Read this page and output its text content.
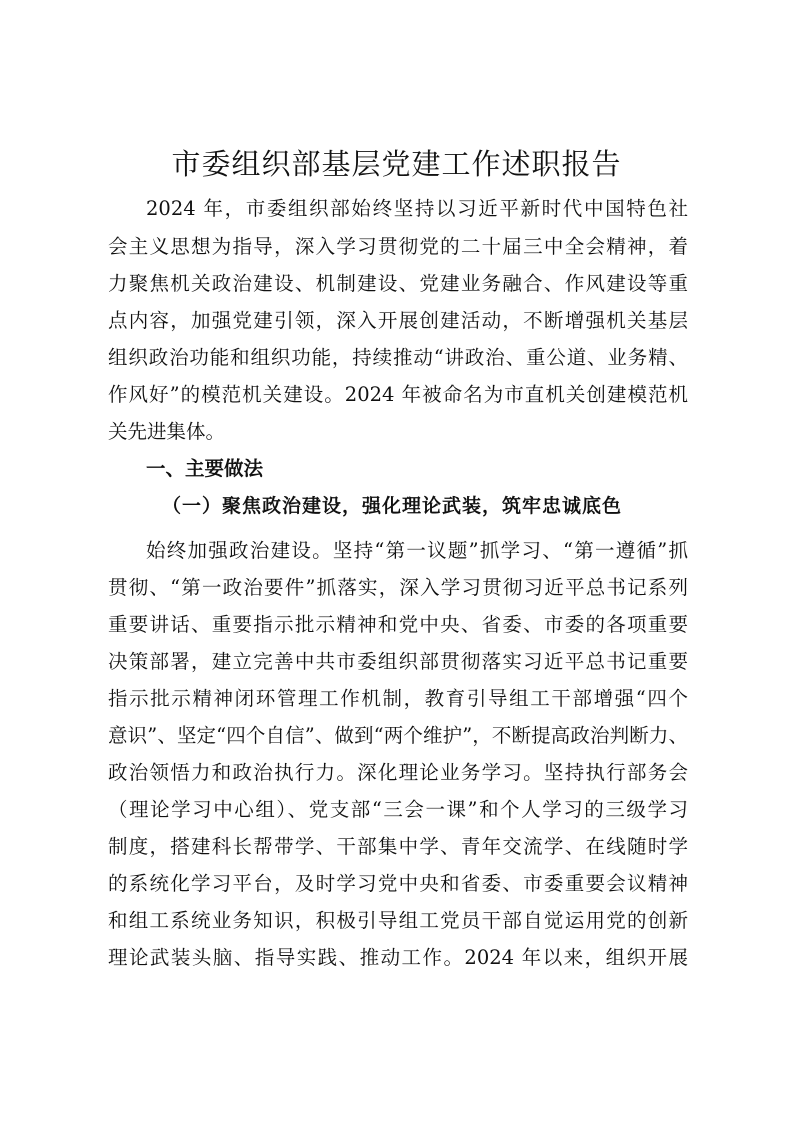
市委组织部基层党建工作述职报告
2024 年，市委组织部始终坚持以习近平新时代中国特色社
会主义思想为指导，深入学习贯彻党的二十届三中全会精神，着
力聚焦机关政治建设、机制建设、党建业务融合、作风建设等重
点内容，加强党建引领，深入开展创建活动，不断增强机关基层
组织政治功能和组织功能，持续推动“讲政治、重公道、业务精、
作风好”的模范机关建设。2024 年被命名为市直机关创建模范机
关先进集体。
一、主要做法
（一）聚焦政治建设，强化理论武装，筑牢忠诚底色
始终加强政治建设。坚持“第一议题”抓学习、“第一遵循”抓
贯彻、“第一政治要件”抓落实，深入学习贯彻习近平总书记系列
重要讲话、重要指示批示精神和党中央、省委、市委的各项重要
决策部署，建立完善中共市委组织部贯彻落实习近平总书记重要
指示批示精神闭环管理工作机制，教育引导组工干部增强“四个
意识”、坚定“四个自信”、做到“两个维护”，不断提高政治判断力、
政治领悟力和政治执行力。深化理论业务学习。坚持执行部务会
（理论学习中心组）、党支部“三会一课”和个人学习的三级学习
制度，搭建科长帮带学、干部集中学、青年交流学、在线随时学
的系统化学习平台，及时学习党中央和省委、市委重要会议精神
和组工系统业务知识，积极引导组工党员干部自觉运用党的创新
理论武装头脑、指导实践、推动工作。2024 年以来，组织开展
